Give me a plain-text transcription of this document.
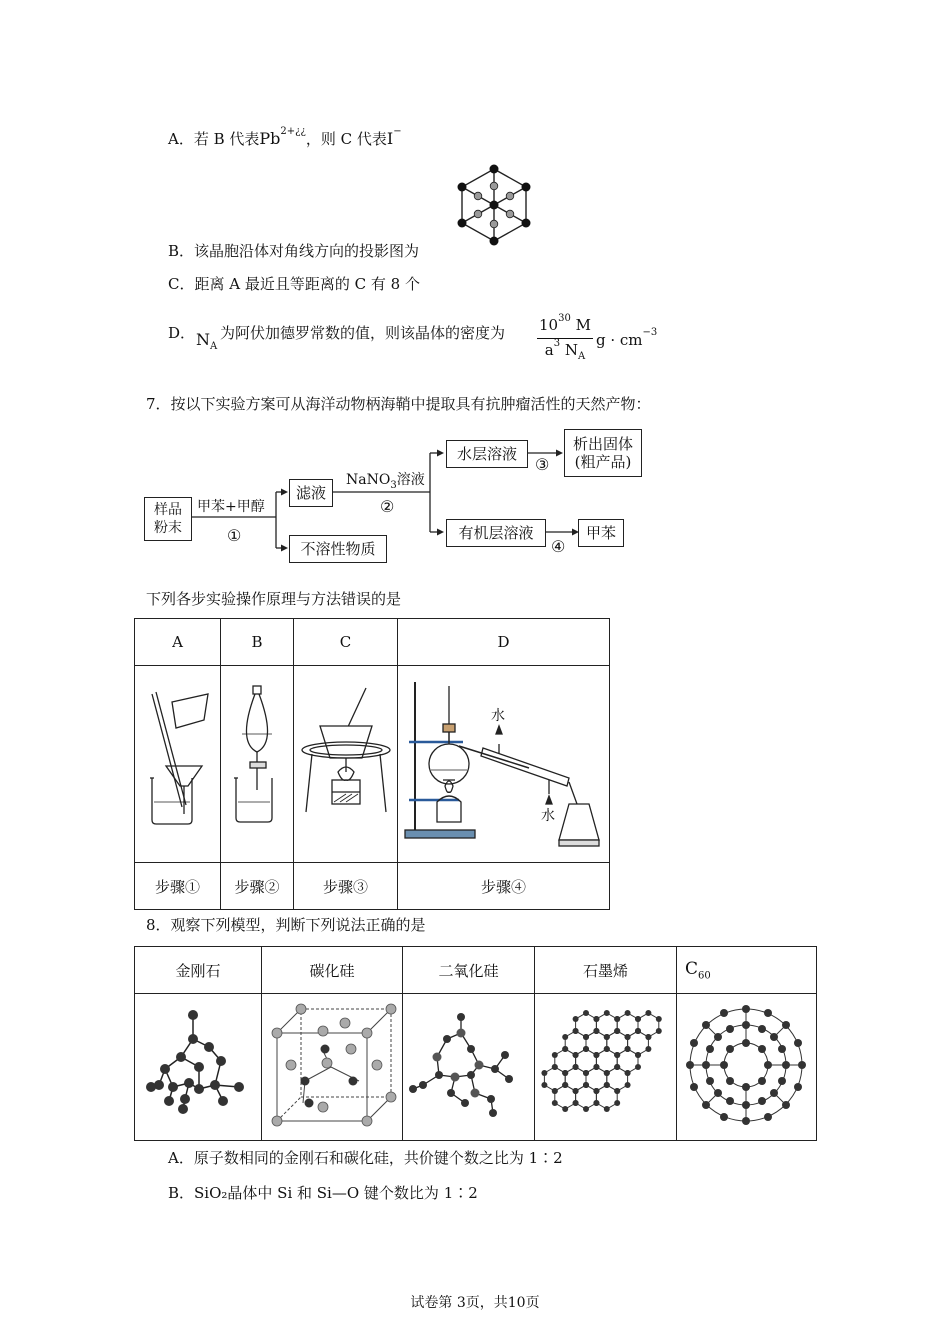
A．若 B 代表$Pb^{2+¿¿}$，则 C 代表I−
B．该晶胞沿体对角线方向的投影图为
C．距离 A 最近且等距离的 C 有 8 个
D． $N_A$
为阿伏加德罗常数的值，则该晶体的密度为 $10^{30}$ M
$a^3$ $N_A$
$g \cdot cm^{-3}$
7．按以下实验方案可从海洋动物柄海鞘中提取具有抗肿瘤活性的天然产物：
样品
粉末
甲苯+甲醇
①
滤液
不溶性物质
NaNO$_3$溶液
②
水层溶液
③
析出固体
(粗产品)
有机层溶液
④
甲苯
下列各步实验操作原理与方法错误的是
A	B	C	D

水
水

步骤①	步骤②	步骤③	步骤④
8．观察下列模型，判断下列说法正确的是
金刚石	碳化硅	二氧化硅	石墨烯	$C_{60}$

A．原子数相同的金刚石和碳化硅，共价键个数之比为 1∶2
B．SiO₂晶体中 Si 和 Si—O 键个数比为 1∶2
试卷第 3页，共10页
